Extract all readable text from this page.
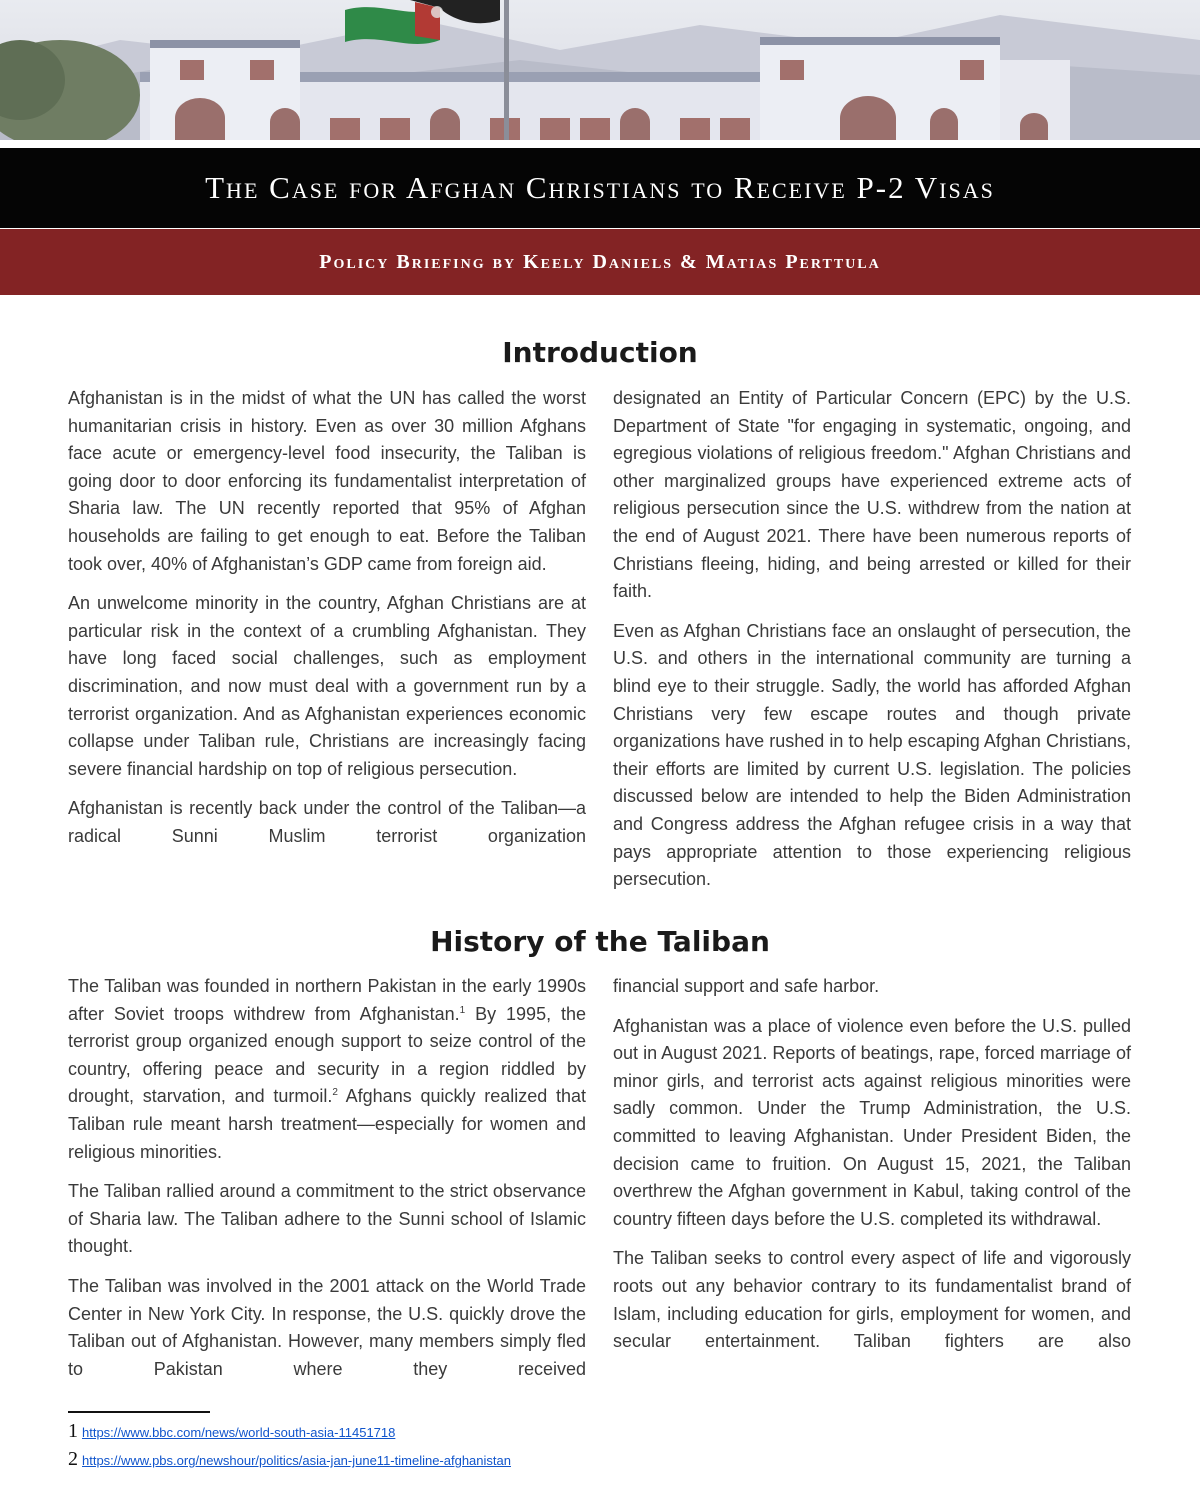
The Case for Afghan Christians to Receive P-2 Visas
Policy Briefing by Keely Daniels & Matias Perttula
Introduction

Afghanistan is in the midst of what the UN has called the worst humanitarian crisis in history. Even as over 30 million Afghans face acute or emergency-level food insecurity, the Taliban is going door to door enforcing its fundamentalist interpretation of Sharia law. The UN recently reported that 95% of Afghan households are failing to get enough to eat. Before the Taliban took over, 40% of Afghanistan’s GDP came from foreign aid.

An unwelcome minority in the country, Afghan Christians are at particular risk in the context of a crumbling Afghanistan. They have long faced social challenges, such as employment discrimination, and now must deal with a government run by a terrorist organization. And as Afghanistan experiences economic collapse under Taliban rule, Christians are increasingly facing severe financial hardship on top of religious persecution.

Afghanistan is recently back under the control of the Taliban—a radical Sunni Muslim terrorist organization

designated an Entity of Particular Concern (EPC) by the U.S. Department of State "for engaging in systematic, ongoing, and egregious violations of religious freedom." Afghan Christians and other marginalized groups have experienced extreme acts of religious persecution since the U.S. withdrew from the nation at the end of August 2021. There have been numerous reports of Christians fleeing, hiding, and being arrested or killed for their faith.

Even as Afghan Christians face an onslaught of persecution, the U.S. and others in the international community are turning a blind eye to their struggle. Sadly, the world has afforded Afghan Christians very few escape routes and though private organizations have rushed in to help escaping Afghan Christians, their efforts are limited by current U.S. legislation. The policies discussed below are intended to help the Biden Administration and Congress address the Afghan refugee crisis in a way that pays appropriate attention to those experiencing religious persecution.

History of the Taliban

The Taliban was founded in northern Pakistan in the early 1990s after Soviet troops withdrew from Afghanistan.$^1$ By 1995, the terrorist group organized enough support to seize control of the country, offering peace and security in a region riddled by drought, starvation, and turmoil.$^2$ Afghans quickly realized that Taliban rule meant harsh treatment—especially for women and religious minorities.

The Taliban rallied around a commitment to the strict observance of Sharia law. The Taliban adhere to the Sunni school of Islamic thought.

The Taliban was involved in the 2001 attack on the World Trade Center in New York City. In response, the U.S. quickly drove the Taliban out of Afghanistan. However, many members simply fled to Pakistan where they received

financial support and safe harbor.

Afghanistan was a place of violence even before the U.S. pulled out in August 2021. Reports of beatings, rape, forced marriage of minor girls, and terrorist acts against religious minorities were sadly common. Under the Trump Administration, the U.S. committed to leaving Afghanistan. Under President Biden, the decision came to fruition. On August 15, 2021, the Taliban overthrew the Afghan government in Kabul, taking control of the country fifteen days before the U.S. completed its withdrawal.

The Taliban seeks to control every aspect of life and vigorously roots out any behavior contrary to its fundamentalist brand of Islam, including education for girls, employment for women, and secular entertainment. Taliban fighters are also

1 https://www.bbc.com/news/world-south-asia-11451718
2 https://www.pbs.org/newshour/politics/asia-jan-june11-timeline-afghanistan
